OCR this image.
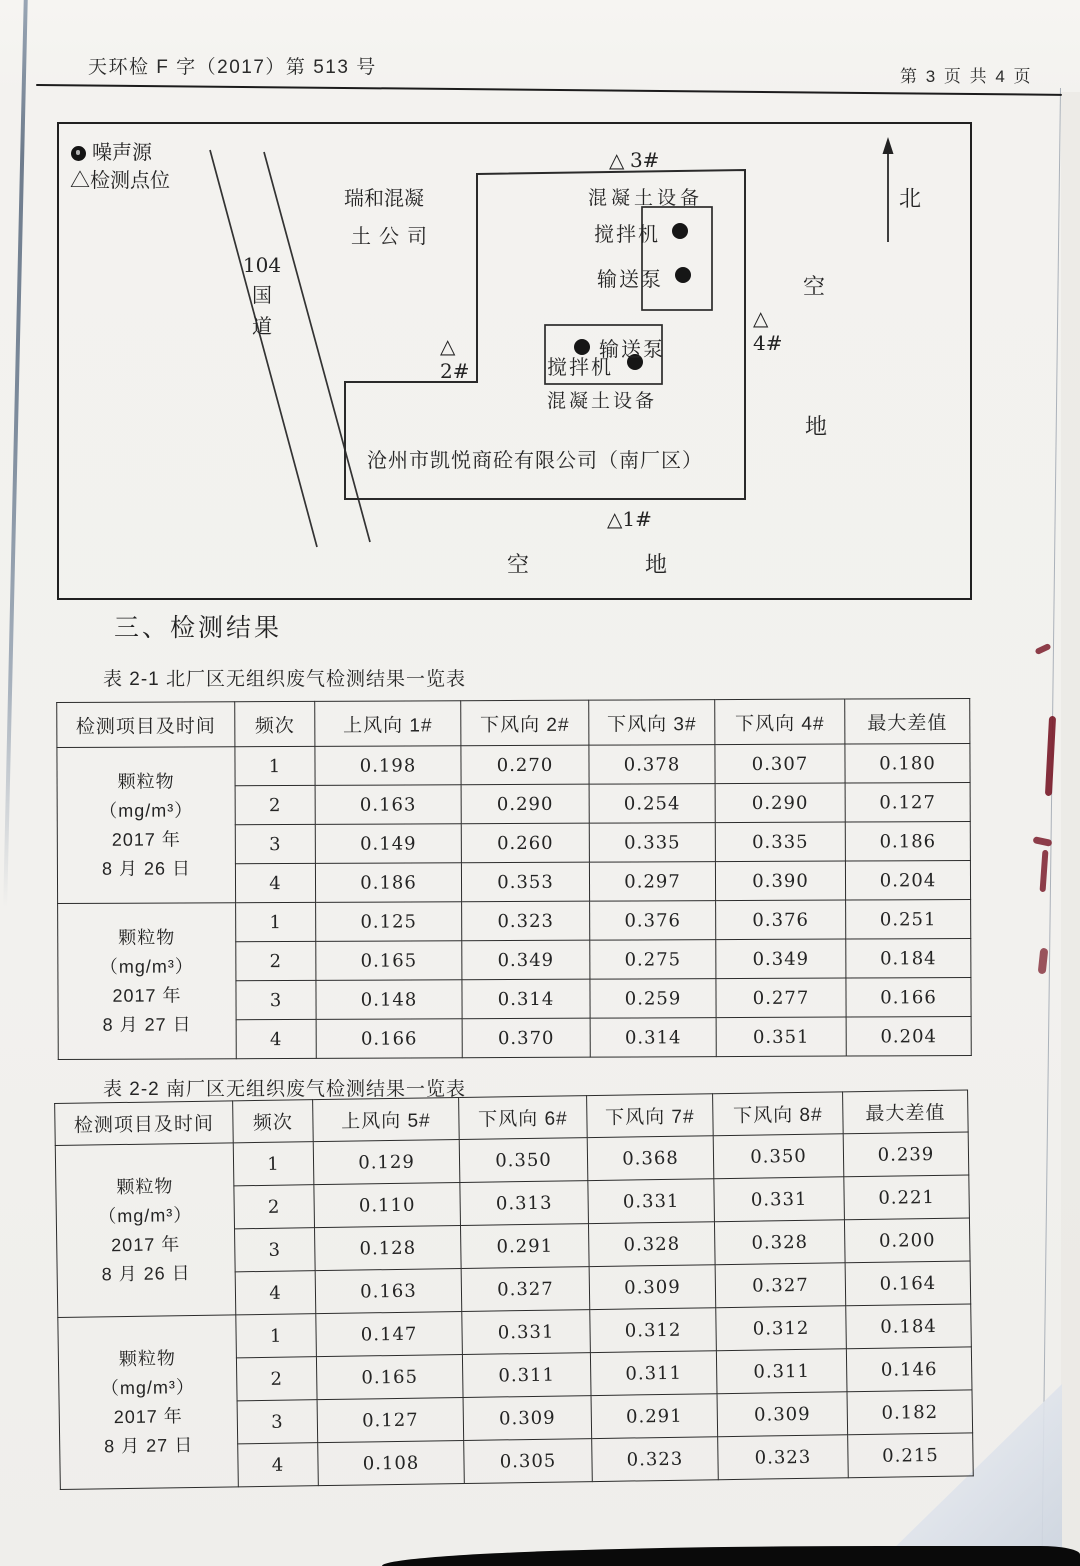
天环检 F 字（2017）第 513 号	第 3 页 共 4 页
噪声源
△检测点位
104
国
道
瑞和混凝
土公司
混凝土设备
搅拌机
输送泵
输送泵
搅拌机
混凝土设备
沧州市凯悦商砼有限公司（南厂区）
△ 3#
△
4#
△
2#
△1#
北
空
地
空	地
三、检测结果
表 2-1 北厂区无组织废气检测结果一览表
检测项目及时间	频次	上风向 1#	下风向 2#	下风向 3#	下风向 4#	最大差值

颗粒物
（mg/m³）
2017 年
8 月 26 日	1	0.198	0.270	0.378	0.307	0.180
	2	0.163	0.290	0.254	0.290	0.127
	3	0.149	0.260	0.335	0.335	0.186
	4	0.186	0.353	0.297	0.390	0.204

颗粒物
（mg/m³）
2017 年
8 月 27 日	1	0.125	0.323	0.376	0.376	0.251
	2	0.165	0.349	0.275	0.349	0.184
	3	0.148	0.314	0.259	0.277	0.166
	4	0.166	0.370	0.314	0.351	0.204
表 2-2 南厂区无组织废气检测结果一览表
检测项目及时间	频次	上风向 5#	下风向 6#	下风向 7#	下风向 8#	最大差值

颗粒物
（mg/m³）
2017 年
8 月 26 日	1	0.129	0.350	0.368	0.350	0.239
	2	0.110	0.313	0.331	0.331	0.221
	3	0.128	0.291	0.328	0.328	0.200
	4	0.163	0.327	0.309	0.327	0.164

颗粒物
（mg/m³）
2017 年
8 月 27 日	1	0.147	0.331	0.312	0.312	0.184
	2	0.165	0.311	0.311	0.311	0.146
	3	0.127	0.309	0.291	0.309	0.182
	4	0.108	0.305	0.323	0.323	0.215
